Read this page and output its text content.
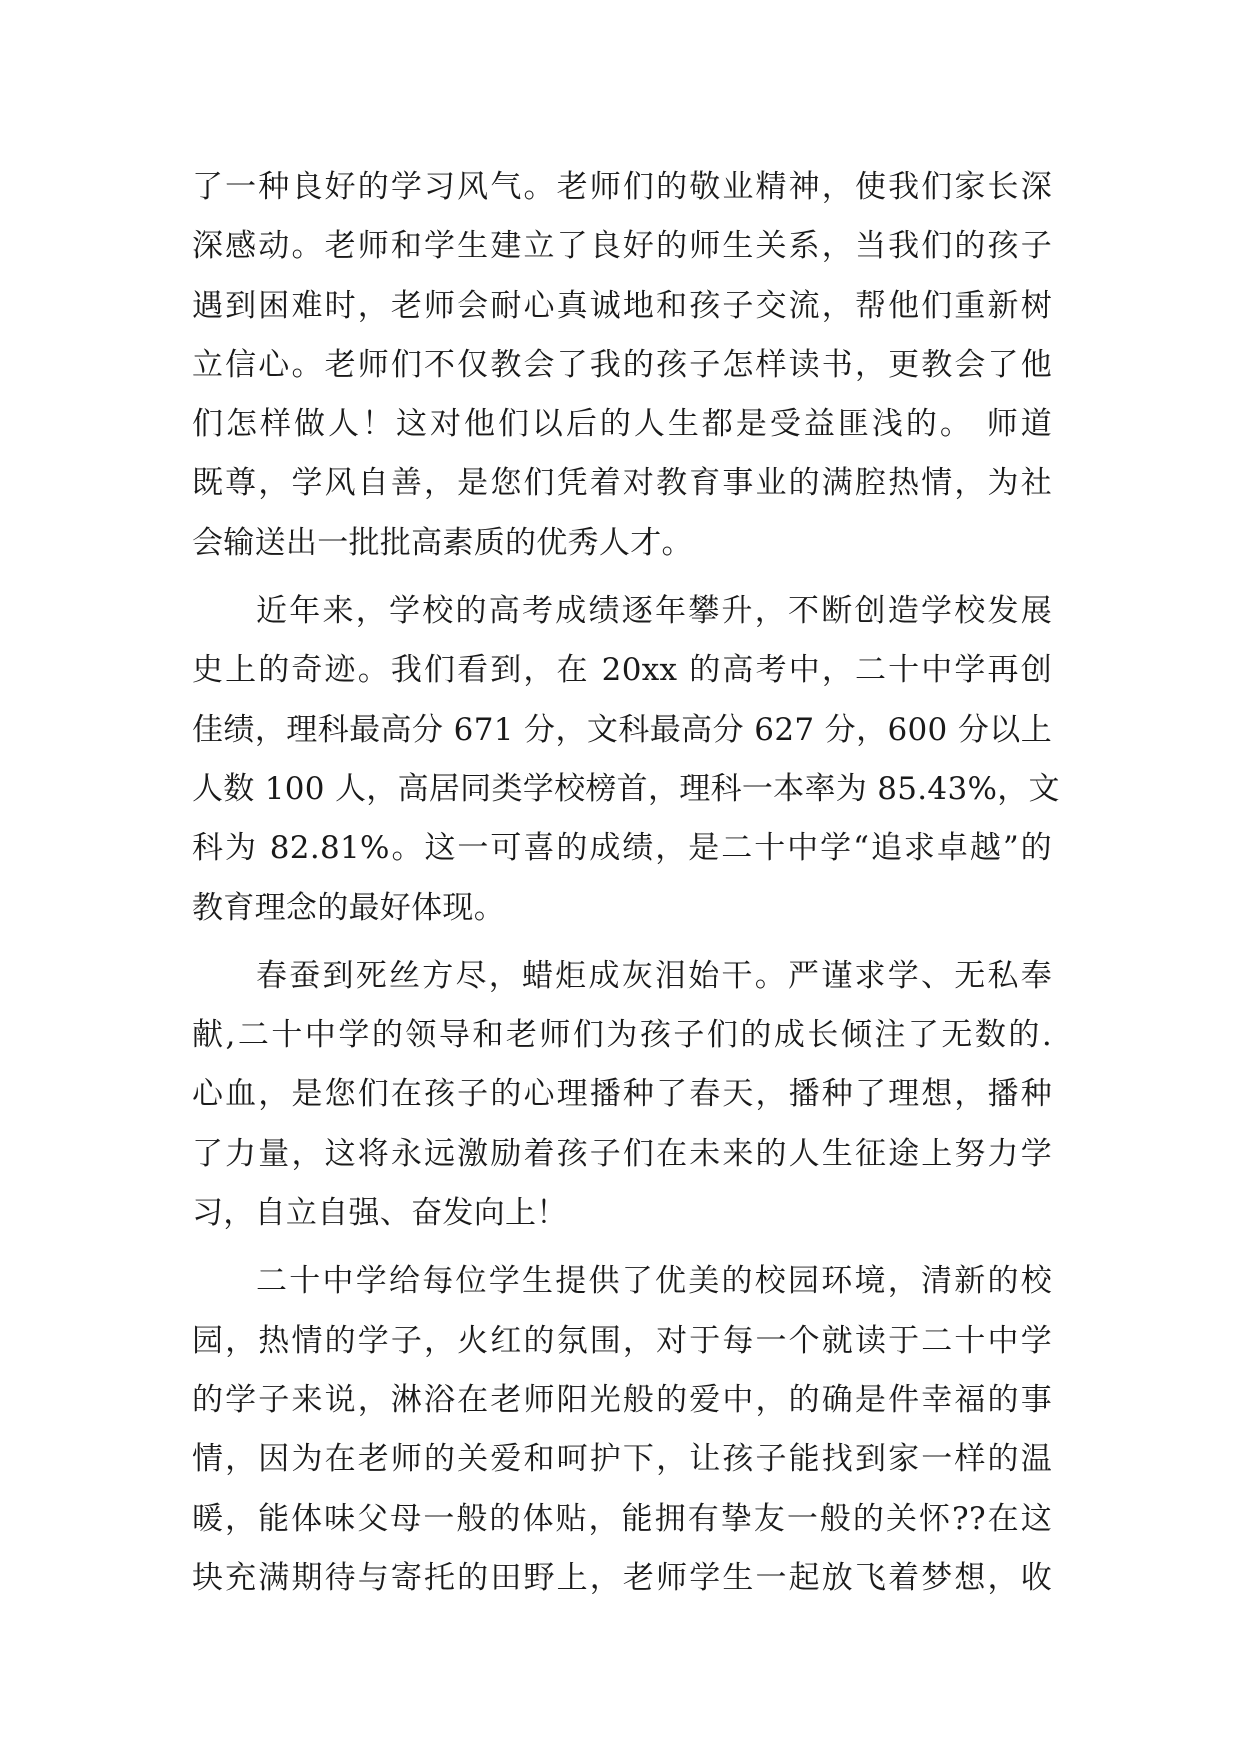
了一种良好的学习风气。老师们的敬业精神，使我们家长深
深感动。老师和学生建立了良好的师生关系，当我们的孩子
遇到困难时，老师会耐心真诚地和孩子交流，帮他们重新树
立信心。老师们不仅教会了我的孩子怎样读书，更教会了他
们怎样做人！这对他们以后的人生都是受益匪浅的。 师道
既尊，学风自善，是您们凭着对教育事业的满腔热情，为社
会输送出一批批高素质的优秀人才。
近年来，学校的高考成绩逐年攀升，不断创造学校发展
史上的奇迹。我们看到，在 20xx 的高考中，二十中学再创
佳绩，理科最高分 671 分，文科最高分 627 分，600 分以上
人数 100 人，高居同类学校榜首，理科一本率为 85.43%，文
科为 82.81%。这一可喜的成绩，是二十中学“追求卓越”的
教育理念的最好体现。
春蚕到死丝方尽，蜡炬成灰泪始干。严谨求学、无私奉
献,二十中学的领导和老师们为孩子们的成长倾注了无数的.
心血，是您们在孩子的心理播种了春天，播种了理想，播种
了力量，这将永远激励着孩子们在未来的人生征途上努力学
习，自立自强、奋发向上！
二十中学给每位学生提供了优美的校园环境，清新的校
园，热情的学子，火红的氛围，对于每一个就读于二十中学
的学子来说，淋浴在老师阳光般的爱中，的确是件幸福的事
情，因为在老师的关爱和呵护下，让孩子能找到家一样的温
暖，能体味父母一般的体贴，能拥有挚友一般的关怀??在这
块充满期待与寄托的田野上，老师学生一起放飞着梦想，收
